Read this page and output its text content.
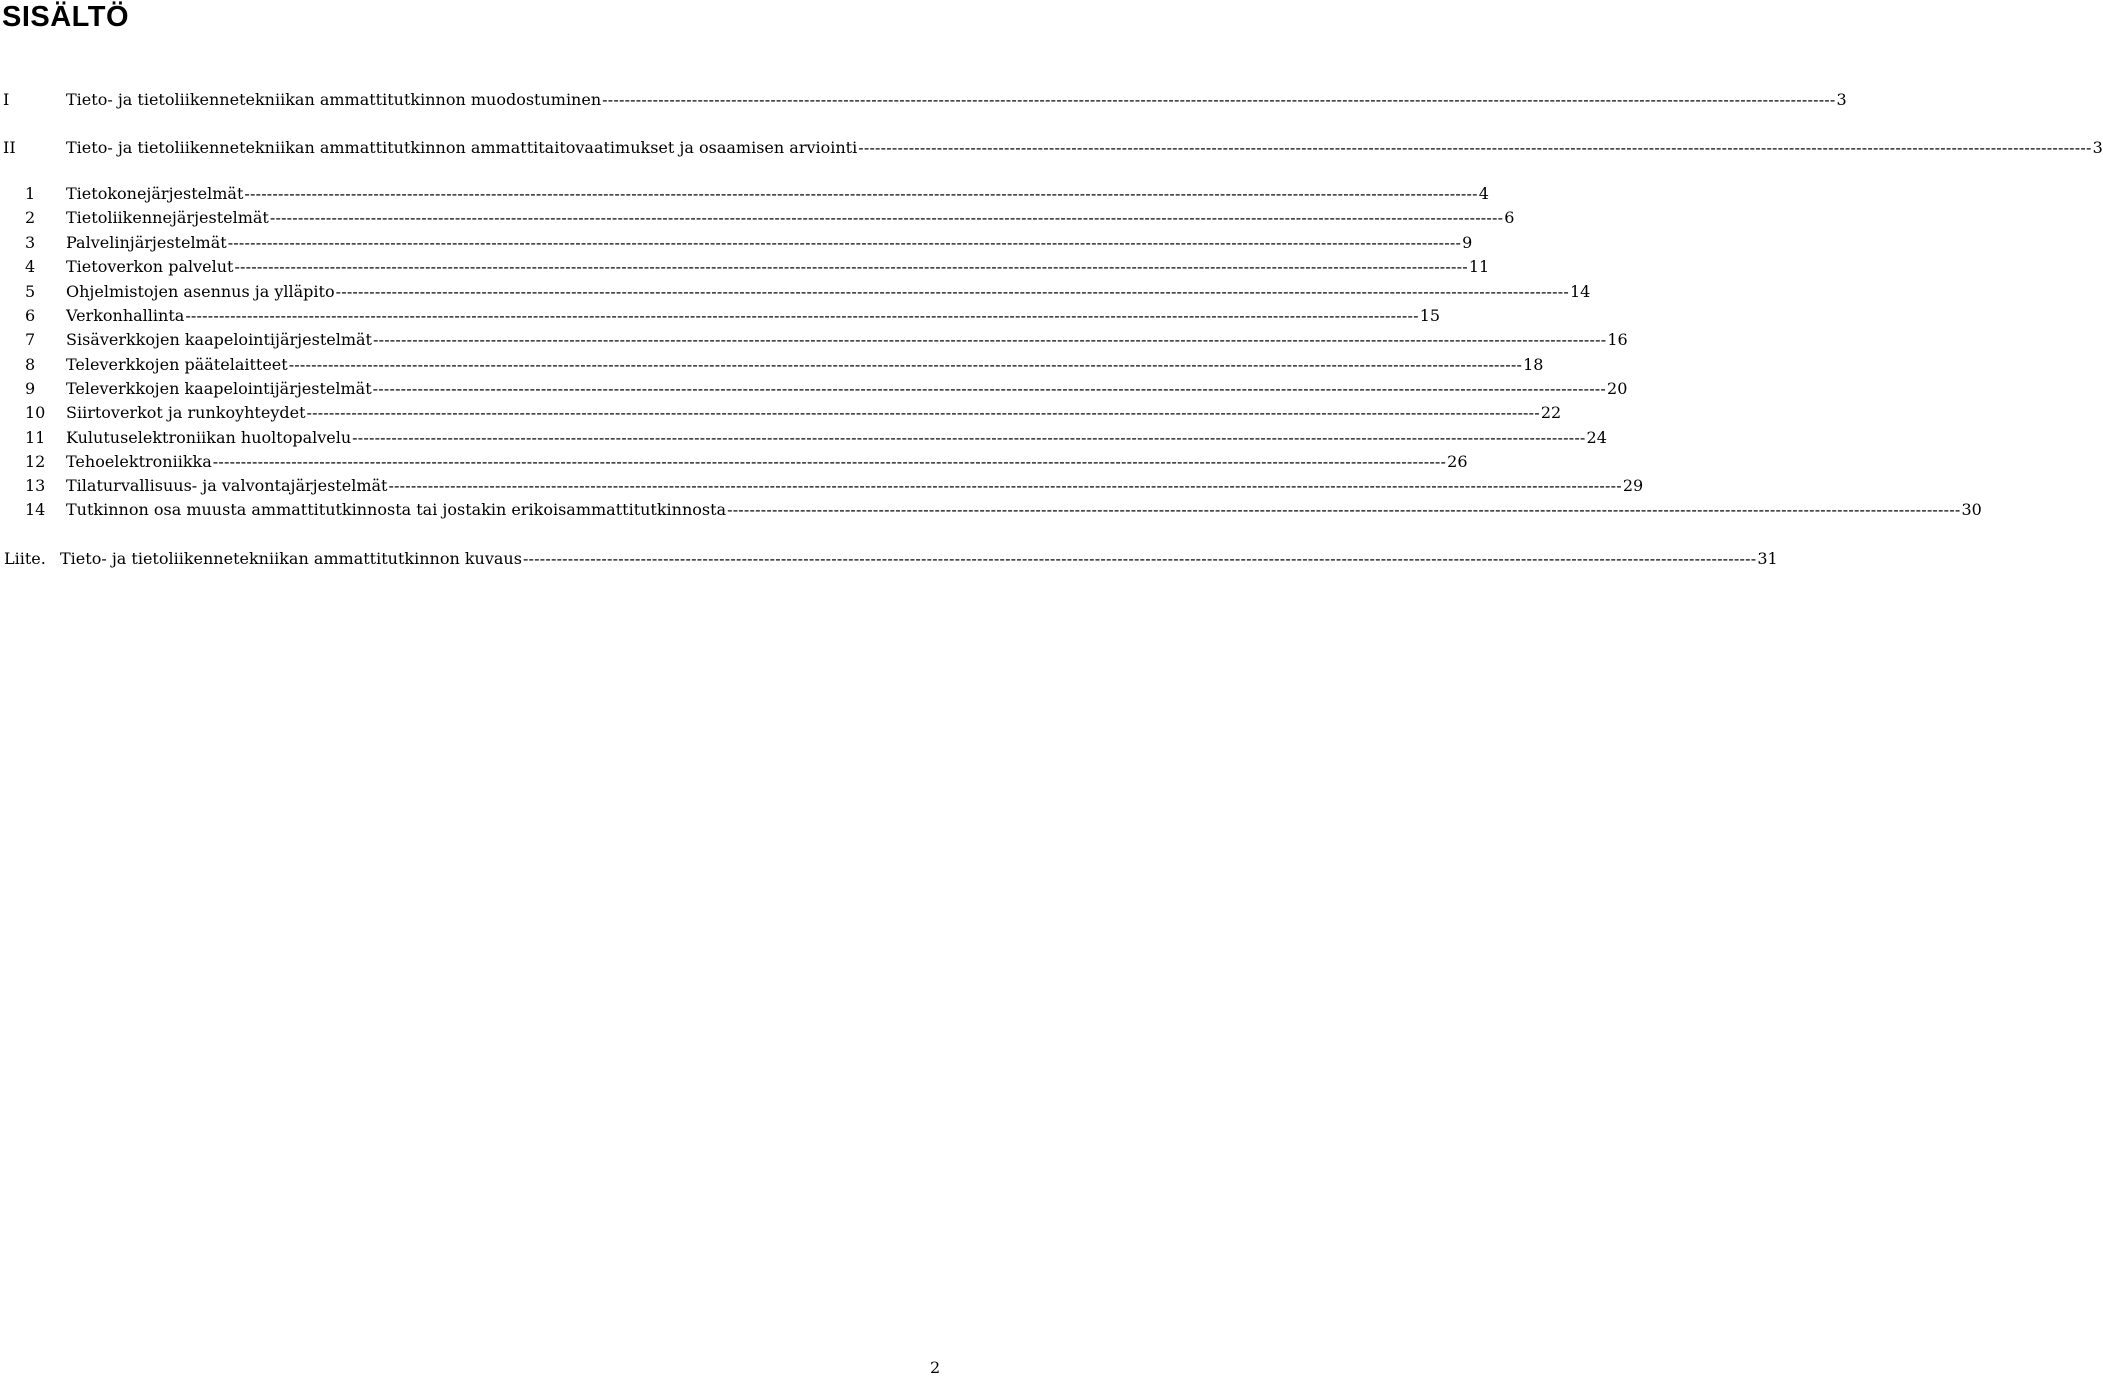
SISÄLTÖ
I	Tieto- ja tietoliikennetekniikan ammattitutkinnon muodostuminen ---------------------------------------------------------------------------------------------------------------------------------------------------------------------------------------------------------------------------- 3
II	Tieto- ja tietoliikennetekniikan ammattitutkinnon ammattitaitovaatimukset ja osaamisen arviointi ---------------------------------------------------------------------------------------------------------------------------------------------------------------------------------------------------------------------------- 3
1 Tietokonejärjestelmät ---------------------------------------------------------------------------------------------------------------------------------------------------------------------------------------------------------------------------- 4
2 Tietoliikennejärjestelmät ---------------------------------------------------------------------------------------------------------------------------------------------------------------------------------------------------------------------------- 6
3 Palvelinjärjestelmät ---------------------------------------------------------------------------------------------------------------------------------------------------------------------------------------------------------------------------- 9
4 Tietoverkon palvelut ---------------------------------------------------------------------------------------------------------------------------------------------------------------------------------------------------------------------------- 11
5 Ohjelmistojen asennus ja ylläpito ---------------------------------------------------------------------------------------------------------------------------------------------------------------------------------------------------------------------------- 14
6 Verkonhallinta ---------------------------------------------------------------------------------------------------------------------------------------------------------------------------------------------------------------------------- 15
7 Sisäverkkojen kaapelointijärjestelmät ---------------------------------------------------------------------------------------------------------------------------------------------------------------------------------------------------------------------------- 16
8 Televerkkojen päätelaitteet ---------------------------------------------------------------------------------------------------------------------------------------------------------------------------------------------------------------------------- 18
9 Televerkkojen kaapelointijärjestelmät ---------------------------------------------------------------------------------------------------------------------------------------------------------------------------------------------------------------------------- 20
10 Siirtoverkot ja runkoyhteydet ---------------------------------------------------------------------------------------------------------------------------------------------------------------------------------------------------------------------------- 22
11 Kulutuselektroniikan huoltopalvelu ---------------------------------------------------------------------------------------------------------------------------------------------------------------------------------------------------------------------------- 24
12 Tehoelektroniikka ---------------------------------------------------------------------------------------------------------------------------------------------------------------------------------------------------------------------------- 26
13 Tilaturvallisuus- ja valvontajärjestelmät ---------------------------------------------------------------------------------------------------------------------------------------------------------------------------------------------------------------------------- 29
14 Tutkinnon osa muusta ammattitutkinnosta tai jostakin erikoisammattitutkinnosta ---------------------------------------------------------------------------------------------------------------------------------------------------------------------------------------------------------------------------- 30
Liite. Tieto- ja tietoliikennetekniikan ammattitutkinnon kuvaus ---------------------------------------------------------------------------------------------------------------------------------------------------------------------------------------------------------------------------- 31
2
